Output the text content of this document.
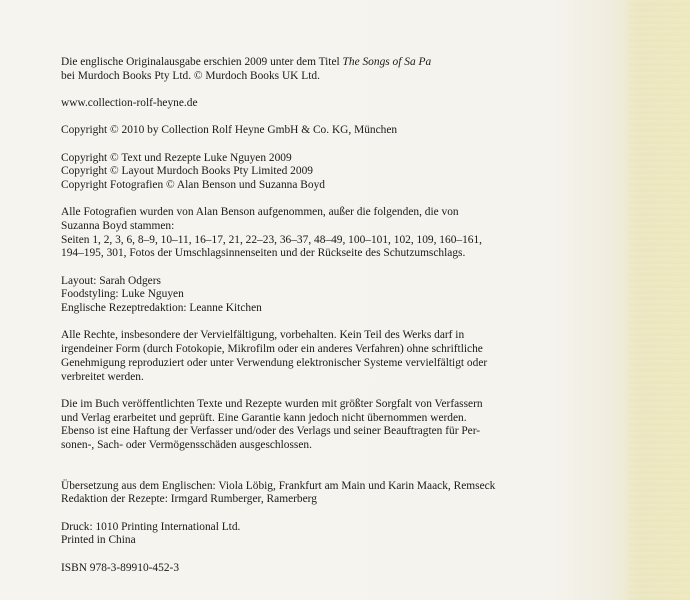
Die englische Originalausgabe erschien 2009 unter dem Titel The Songs of Sa Pa
bei Murdoch Books Pty Ltd. © Murdoch Books UK Ltd.

www.collection-rolf-heyne.de

Copyright © 2010 by Collection Rolf Heyne GmbH & Co. KG, München

Copyright © Text und Rezepte Luke Nguyen 2009
Copyright © Layout Murdoch Books Pty Limited 2009
Copyright Fotografien © Alan Benson und Suzanna Boyd

Alle Fotografien wurden von Alan Benson aufgenommen, außer die folgenden, die von
Suzanna Boyd stammen:
Seiten 1, 2, 3, 6, 8–9, 10–11, 16–17, 21, 22–23, 36–37, 48–49, 100–101, 102, 109, 160–161,
194–195, 301, Fotos der Umschlagsinnenseiten und der Rückseite des Schutzumschlags.

Layout: Sarah Odgers
Foodstyling: Luke Nguyen
Englische Rezeptredaktion: Leanne Kitchen

Alle Rechte, insbesondere der Vervielfältigung, vorbehalten. Kein Teil des Werks darf in
irgendeiner Form (durch Fotokopie, Mikrofilm oder ein anderes Verfahren) ohne schriftliche
Genehmigung reproduziert oder unter Verwendung elektronischer Systeme vervielfältigt oder
verbreitet werden.

Die im Buch veröffentlichten Texte und Rezepte wurden mit größter Sorgfalt von Verfassern
und Verlag erarbeitet und geprüft. Eine Garantie kann jedoch nicht übernommen werden.
Ebenso ist eine Haftung der Verfasser und/oder des Verlags und seiner Beauftragten für Per-
sonen-, Sach- oder Vermögensschäden ausgeschlossen.

Übersetzung aus dem Englischen: Viola Löbig, Frankfurt am Main und Karin Maack, Remseck
Redaktion der Rezepte: Irmgard Rumberger, Ramerberg

Druck: 1010 Printing International Ltd.
Printed in China

ISBN 978-3-89910-452-3
